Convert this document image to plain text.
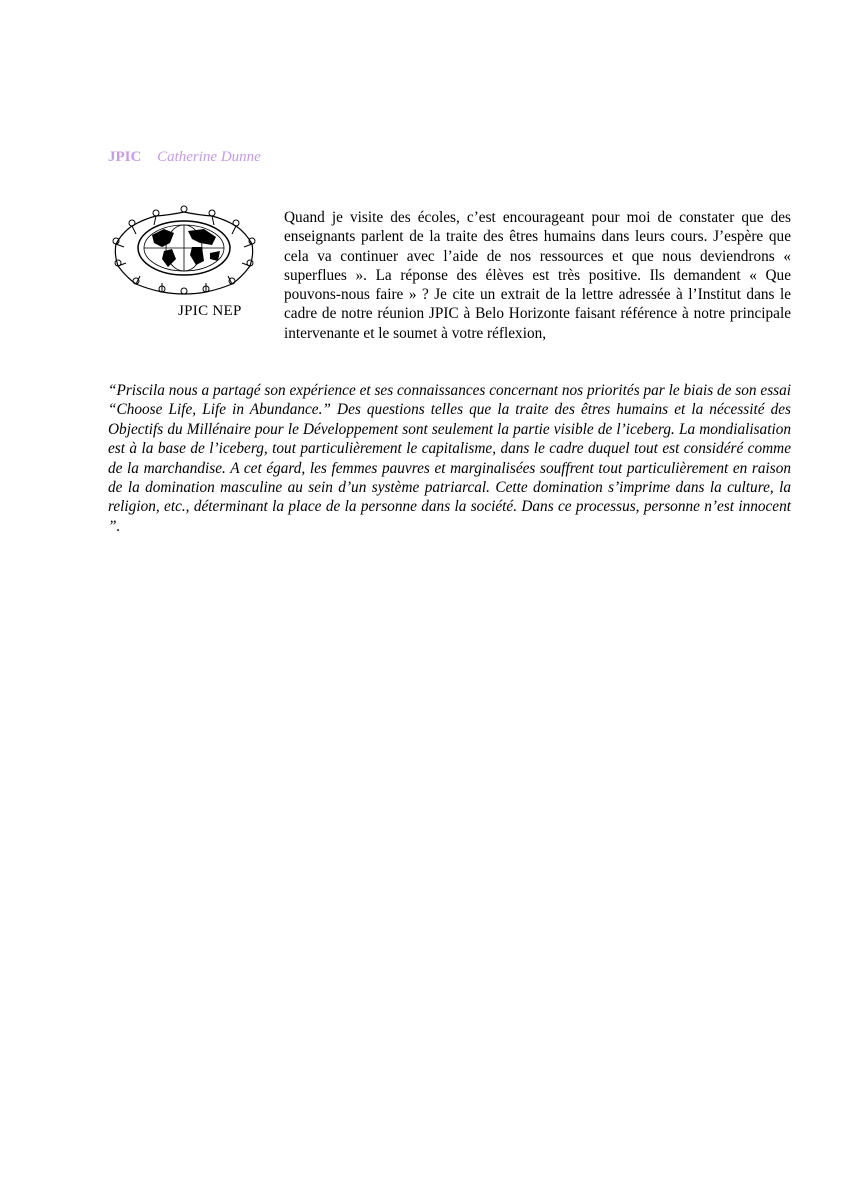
JPIC Catherine Dunne
JPIC NEP

Quand je visite des écoles, c’est encourageant pour moi de constater que des enseignants parlent de la traite des êtres humains dans leurs cours. J’espère que cela va continuer avec l’aide de nos ressources et que nous deviendrons « superflues ». La réponse des élèves est très positive. Ils demandent « Que pouvons-nous faire » ? Je cite un extrait de la lettre adressée à l’Institut dans le cadre de notre réunion JPIC à Belo Horizonte faisant référence à notre principale intervenante et le soumet à votre réflexion,

“Priscila nous a partagé son expérience et ses connaissances concernant nos priorités par le biais de son essai “Choose Life, Life in Abundance.” Des questions telles que la traite des êtres humains et la nécessité des Objectifs du Millénaire pour le Développement sont seulement la partie visible de l’iceberg. La mondialisation est à la base de l’iceberg, tout particulièrement le capitalisme, dans le cadre duquel tout est considéré comme de la marchandise. A cet égard, les femmes pauvres et marginalisées souffrent tout particulièrement en raison de la domination masculine au sein d’un système patriarcal. Cette domination s’imprime dans la culture, la religion, etc., déterminant la place de la personne dans la société. Dans ce processus, personne n’est innocent ”.
